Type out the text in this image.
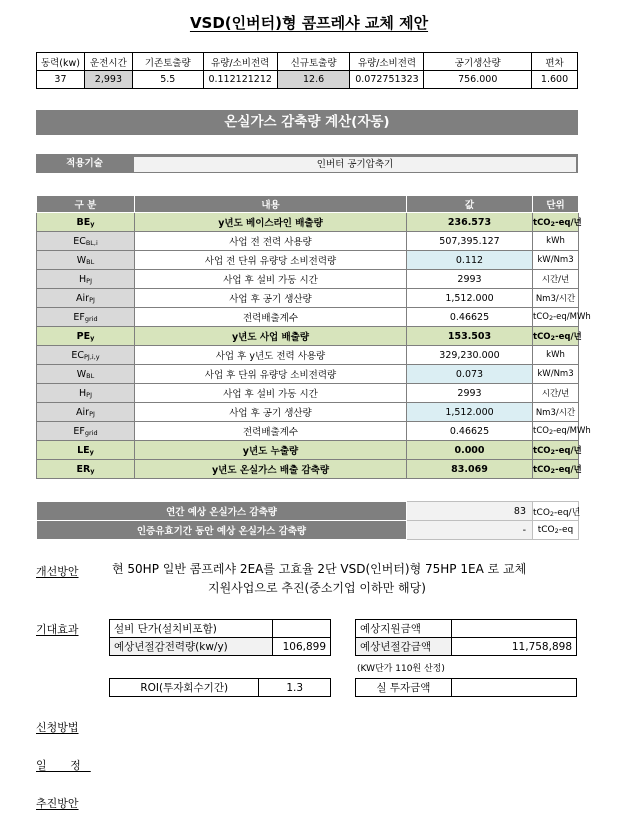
VSD(인버터)형 콤프레샤 교체 제안
동력(kw)	운전시간	기존토출량	유량/소비전력	신규토출량	유량/소비전력	공기생산량	편차
37	2,993	5.5	0.112121212	12.6	0.072751323	756.000	1.600
온실가스 감축량 계산(자동)
적용기술	인버터 공기압축기
구 분	내용	값	단위
$BE_y$	y년도 베이스라인 배출량	236.573	tCO$_2$-eq/년
$EC_{BL,i}$	사업 전 전력 사용량	507,395.127	kWh
$W_{BL}$	사업 전 단위 유량당 소비전력량	0.112	kW/Nm3
$H_{PJ}$	사업 후 설비 가동 시간	2993	시간/년
Air$_{PJ}$	사업 후 공기 생산량	1,512.000	Nm3/시간
$EF_{grid}$	전력배출계수	0.46625	tCO$_2$-eq/MWh
$PE_y$	y년도 사업 배출량	153.503	tCO$_2$-eq/년
$EC_{PJ,i,y}$	사업 후 y년도 전력 사용량	329,230.000	kWh
$W_{BL}$	사업 후 단위 유량당 소비전력량	0.073	kW/Nm3
$H_{PJ}$	사업 후 설비 가동 시간	2993	시간/년
Air$_{PJ}$	사업 후 공기 생산량	1,512.000	Nm3/시간
$EF_{grid}$	전력배출계수	0.46625	tCO$_2$-eq/MWh
$LE_y$	y년도 누출량	0.000	tCO$_2$-eq/년
$ER_y$	y년도 온실가스 배출 감축량	83.069	tCO$_2$-eq/년
연간 예상 온실가스 감축량	83	tCO$_2$-eq/년
인증유효기간 동안 예상 온실가스 감축량	-	tCO$_2$-eq
개선방안	현 50HP 일반 콤프레샤 2EA를 고효율 2단 VSD(인버터)형 75HP 1EA 로 교체
지원사업으로 추진(중소기업 이하만 해당)
기대효과	설비 단가(설치비포함)	
예상년절감전력량(kw/y)	106,899
예상지원금액	
예상년절감금액	11,758,898
(KW단가 110원 산정)
ROI(투자회수기간)	1.3	실 투자금액	
신청방법
일 정
추진방안
